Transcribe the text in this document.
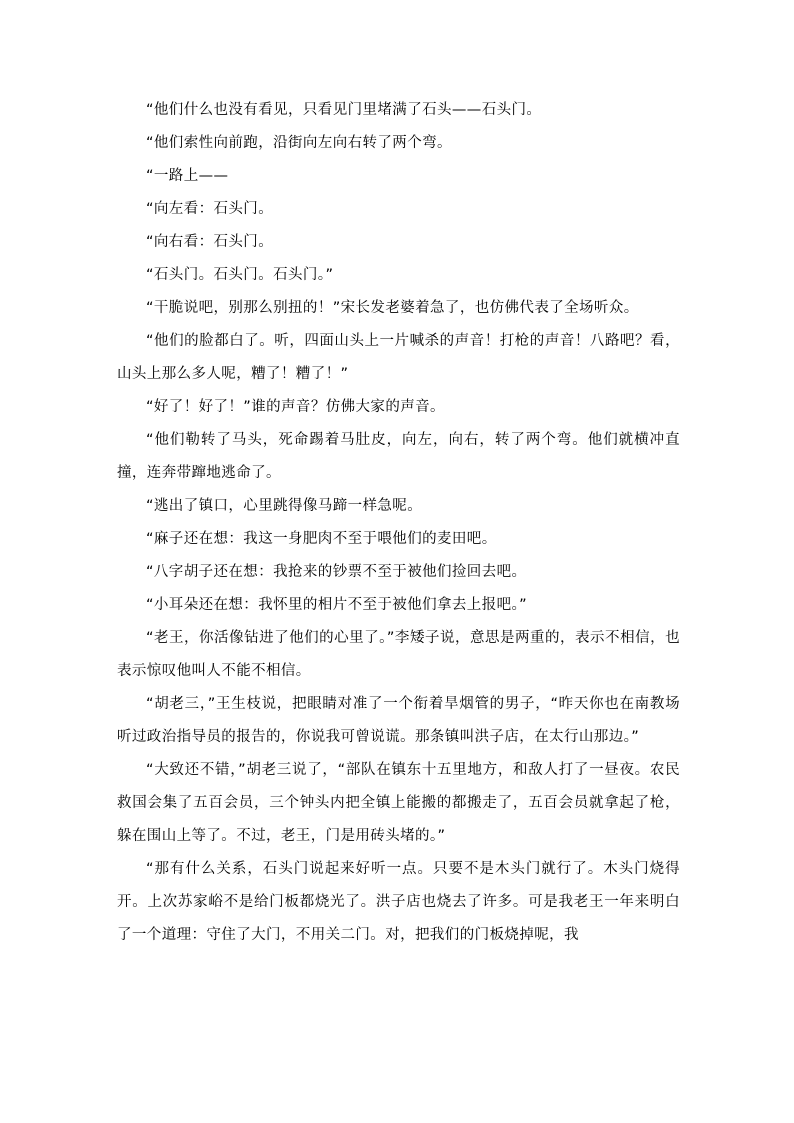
“他们什么也没有看见，只看见门里堵满了石头——石头门。

“他们索性向前跑，沿街向左向右转了两个弯。

“一路上——

“向左看：石头门。

“向右看：石头门。

“石头门。石头门。石头门。”

“干脆说吧，别那么别扭的！”宋长发老婆着急了，也仿佛代表了全场听众。

“他们的脸都白了。听，四面山头上一片喊杀的声音！打枪的声音！八路吧？看，山头上那么多人呢，糟了！糟了！”

“好了！好了！”谁的声音？仿佛大家的声音。

“他们勒转了马头，死命踢着马肚皮，向左，向右，转了两个弯。他们就横冲直撞，连奔带蹿地逃命了。

“逃出了镇口，心里跳得像马蹄一样急呢。

“麻子还在想：我这一身肥肉不至于喂他们的麦田吧。

“八字胡子还在想：我抢来的钞票不至于被他们捡回去吧。

“小耳朵还在想：我怀里的相片不至于被他们拿去上报吧。”

“老王，你活像钻进了他们的心里了。”李矮子说，意思是两重的，表示不相信，也表示惊叹他叫人不能不相信。

“胡老三，”王生枝说，把眼睛对准了一个衔着旱烟管的男子，“昨天你也在南教场听过政治指导员的报告的，你说我可曾说谎。那条镇叫洪子店，在太行山那边。”

“大致还不错，”胡老三说了，“部队在镇东十五里地方，和敌人打了一昼夜。农民救国会集了五百会员，三个钟头内把全镇上能搬的都搬走了，五百会员就拿起了枪，躲在围山上等了。不过，老王，门是用砖头堵的。”

“那有什么关系，石头门说起来好听一点。只要不是木头门就行了。木头门烧得开。上次苏家峪不是给门板都烧光了。洪子店也烧去了许多。可是我老王一年来明白了一个道理：守住了大门，不用关二门。对，把我们的门板烧掉呢，我
